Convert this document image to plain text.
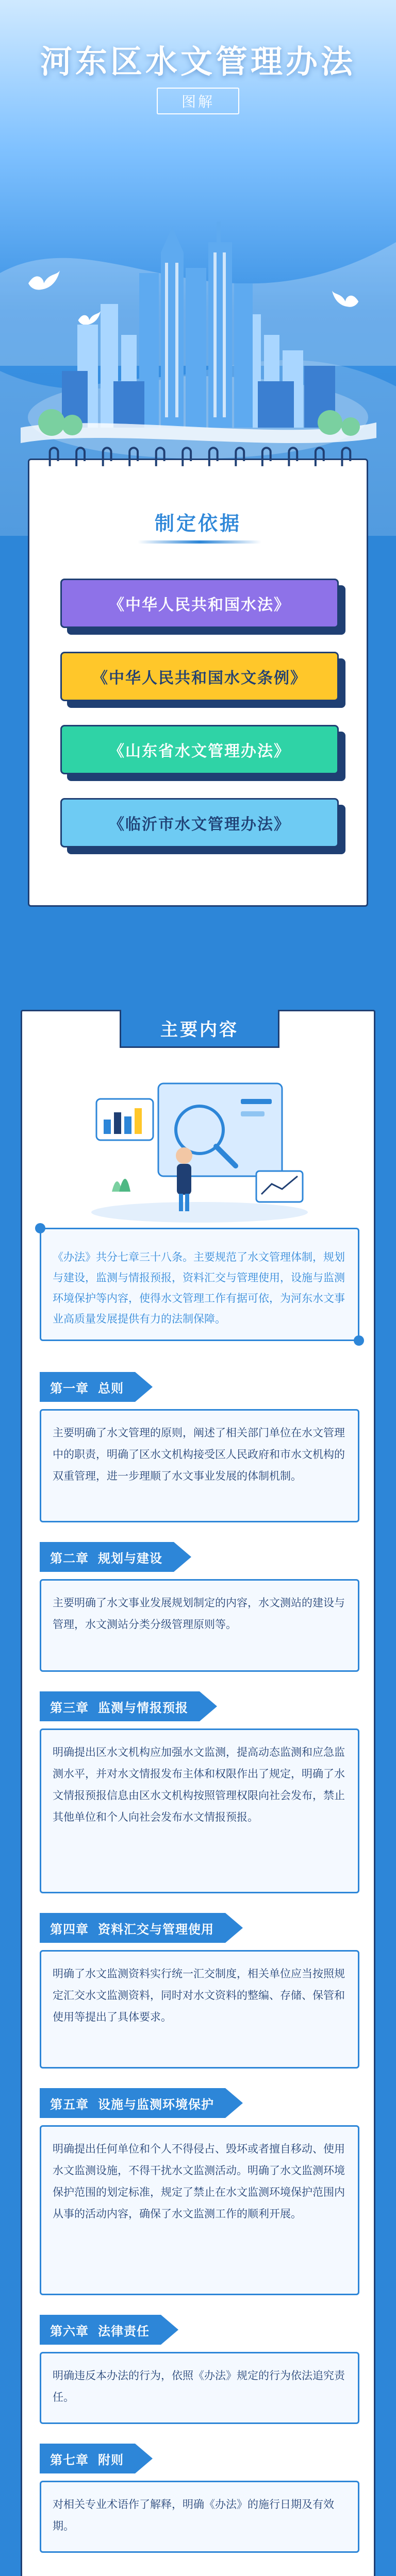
河东区水文管理办法
图解
制定依据
《中华人民共和国水法》
《中华人民共和国水文条例》
《山东省水文管理办法》
《临沂市水文管理办法》
主要内容
《办法》共分七章三十八条。主要规范了水文管理体制，规划与建设，监测与情报预报，资料汇交与管理使用，设施与监测环境保护等内容，使得水文管理工作有据可依，为河东水文事业高质量发展提供有力的法制保障。
第一章 总则
主要明确了水文管理的原则，阐述了相关部门单位在水文管理中的职责，明确了区水文机构接受区人民政府和市水文机构的双重管理，进一步理顺了水文事业发展的体制机制。
第二章 规划与建设
主要明确了水文事业发展规划制定的内容，水文测站的建设与管理，水文测站分类分级管理原则等。
第三章 监测与情报预报
明确提出区水文机构应加强水文监测，提高动态监测和应急监测水平，并对水文情报发布主体和权限作出了规定，明确了水文情报预报信息由区水文机构按照管理权限向社会发布，禁止其他单位和个人向社会发布水文情报预报。
第四章 资料汇交与管理使用
明确了水文监测资料实行统一汇交制度，相关单位应当按照规定汇交水文监测资料，同时对水文资料的整编、存储、保管和使用等提出了具体要求。
第五章 设施与监测环境保护
明确提出任何单位和个人不得侵占、毁坏或者擅自移动、使用水文监测设施，不得干扰水文监测活动。明确了水文监测环境保护范围的划定标准，规定了禁止在水文监测环境保护范围内从事的活动内容，确保了水文监测工作的顺利开展。
第六章 法律责任
明确违反本办法的行为，依照《办法》规定的行为依法追究责任。
第七章 附则
对相关专业术语作了解释，明确《办法》的施行日期及有效期。
